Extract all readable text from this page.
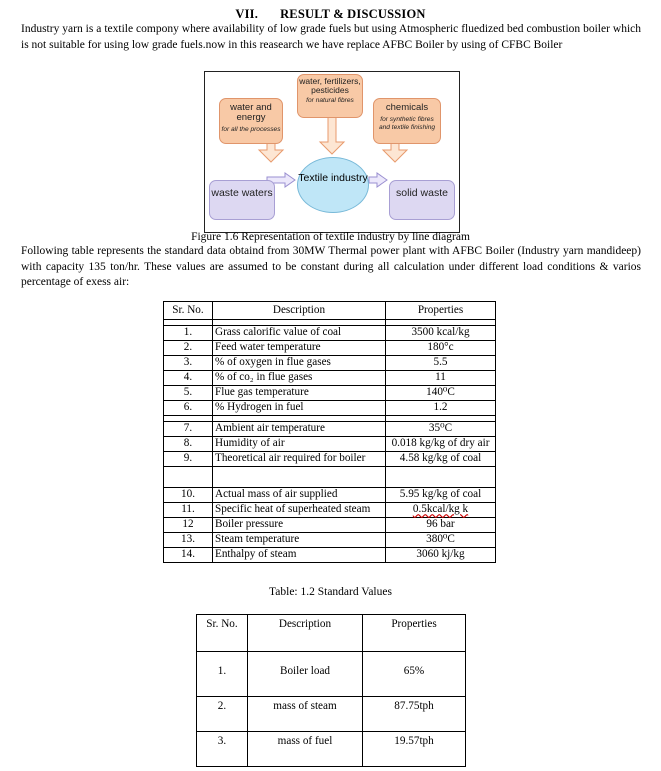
VII. RESULT & DISCUSSION
Industry yarn is a textile compony where availability of low grade fuels but using Atmospheric fluedized bed combustion boiler which is not suitable for using low grade fuels.now in this reasearch we have replace AFBC Boiler by using of CFBC Boiler
water and energy
for all the processes
water, fertilizers, pesticides
for natural fibres
chemicals
for synthetic fibres and textile finishing
Textile industry
waste waters	solid waste
Figure 1.6 Representation of textile industry by line diagram
Following table represents the standard data obtaind from 30MW Thermal power plant with AFBC Boiler (Industry yarn mandideep) with capacity 135 ton/hr. These values are assumed to be constant during all calculation under different load conditions & varios percentage of exess air:
Sr. No.	Description	Properties

1.	Grass calorific value of coal	3500 kcal/kg
2.	Feed water temperature	180°c
3.	% of oxygen in flue gases	5.5
4.	% of co₂ in flue gases	11
5.	Flue gas temperature	140⁰C
6.	% Hydrogen in fuel	1.2

7.	Ambient air temperature	35⁰C
8.	Humidity of air	0.018 kg/kg of dry air
9.	Theoretical air required for boiler	4.58 kg/kg of coal

10.	Actual mass of air supplied	5.95 kg/kg of coal
11.	Specific heat of superheated steam	0.5kcal/kg k
12	Boiler pressure	96 bar
13.	Steam temperature	380⁰C
14.	Enthalpy of steam	3060 kj/kg
Table: 1.2 Standard Values
Sr. No.	Description	Properties
1.	Boiler load	65%
2.	mass of steam	87.75tph
3.	mass of fuel	19.57tph
